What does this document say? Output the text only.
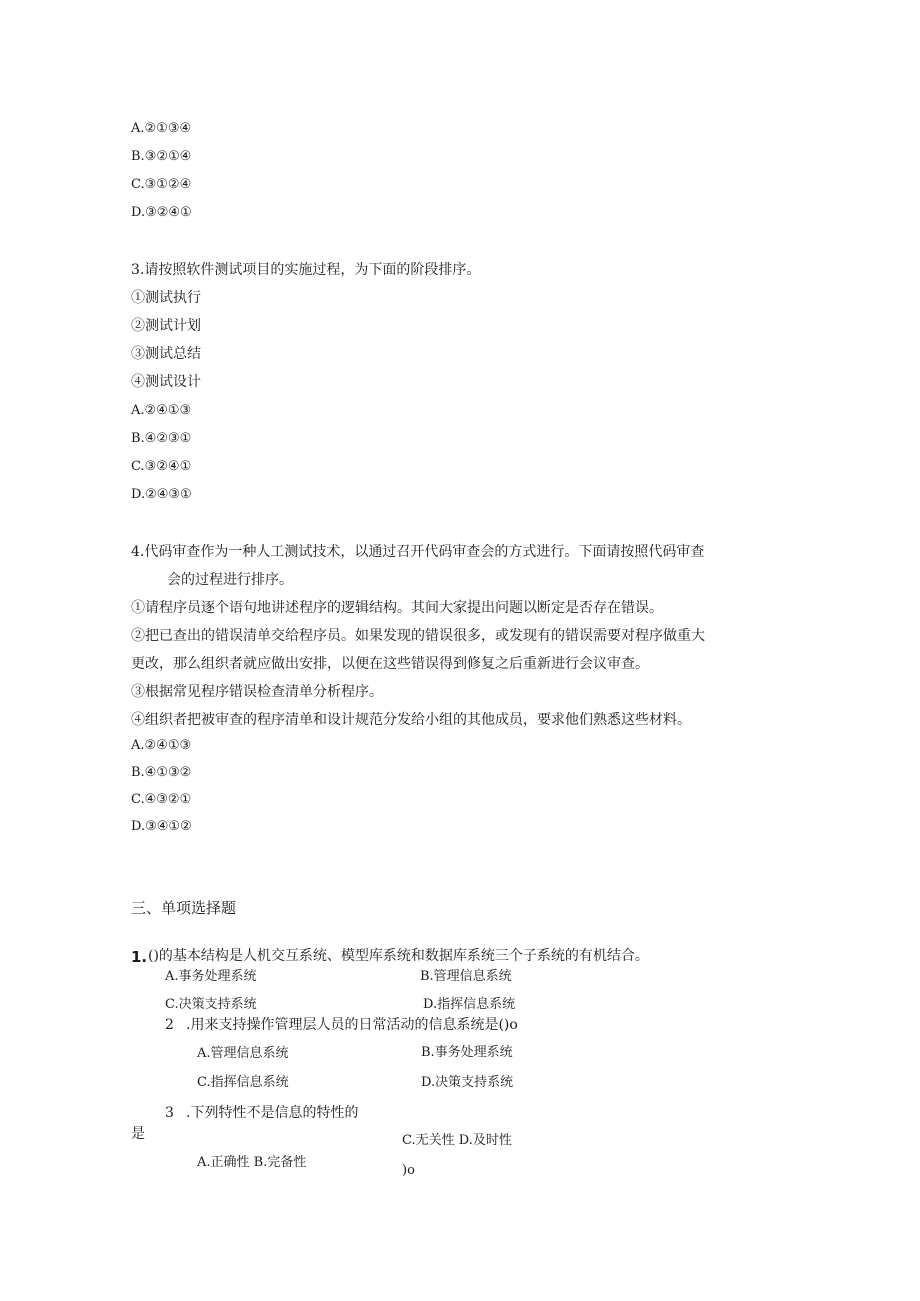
A.②①③④
B.③②①④
C.③①②④
D.③②④①
3.请按照软件测试项目的实施过程，为下面的阶段排序。
①测试执行
②测试计划
③测试总结
④测试设计
A.②④①③
B.④②③①
C.③②④①
D.②④③①
4.代码审查作为一种人工测试技术，以通过召开代码审查会的方式进行。下面请按照代码审查
会的过程进行排序。
①请程序员逐个语句地讲述程序的逻辑结构。其间大家提出问题以断定是否存在错误。
②把已查出的错误清单交给程序员。如果发现的错误很多，或发现有的错误需要对程序做重大
更改，那么组织者就应做出安排，以便在这些错误得到修复之后重新进行会议审查。
③根据常见程序错误检查清单分析程序。
④组织者把被审查的程序清单和设计规范分发给小组的其他成员，要求他们熟悉这些材料。
A.②④①③
B.④①③②
C.④③②①
D.③④①②
三、单项选择题
1. ()的基本结构是人机交互系统、模型库系统和数据库系统三个子系统的有机结合。
A.事务处理系统	B.管理信息系统
C.决策支持系统	D.指挥信息系统
2 .用来支持操作管理层人员的日常活动的信息系统是()o
A.管理信息系统	B.事务处理系统
C.指挥信息系统	D.决策支持系统
3 .下列特性不是信息的特性的
是	C.无关性 D.及时性
A.正确性 B.完备性
)o
